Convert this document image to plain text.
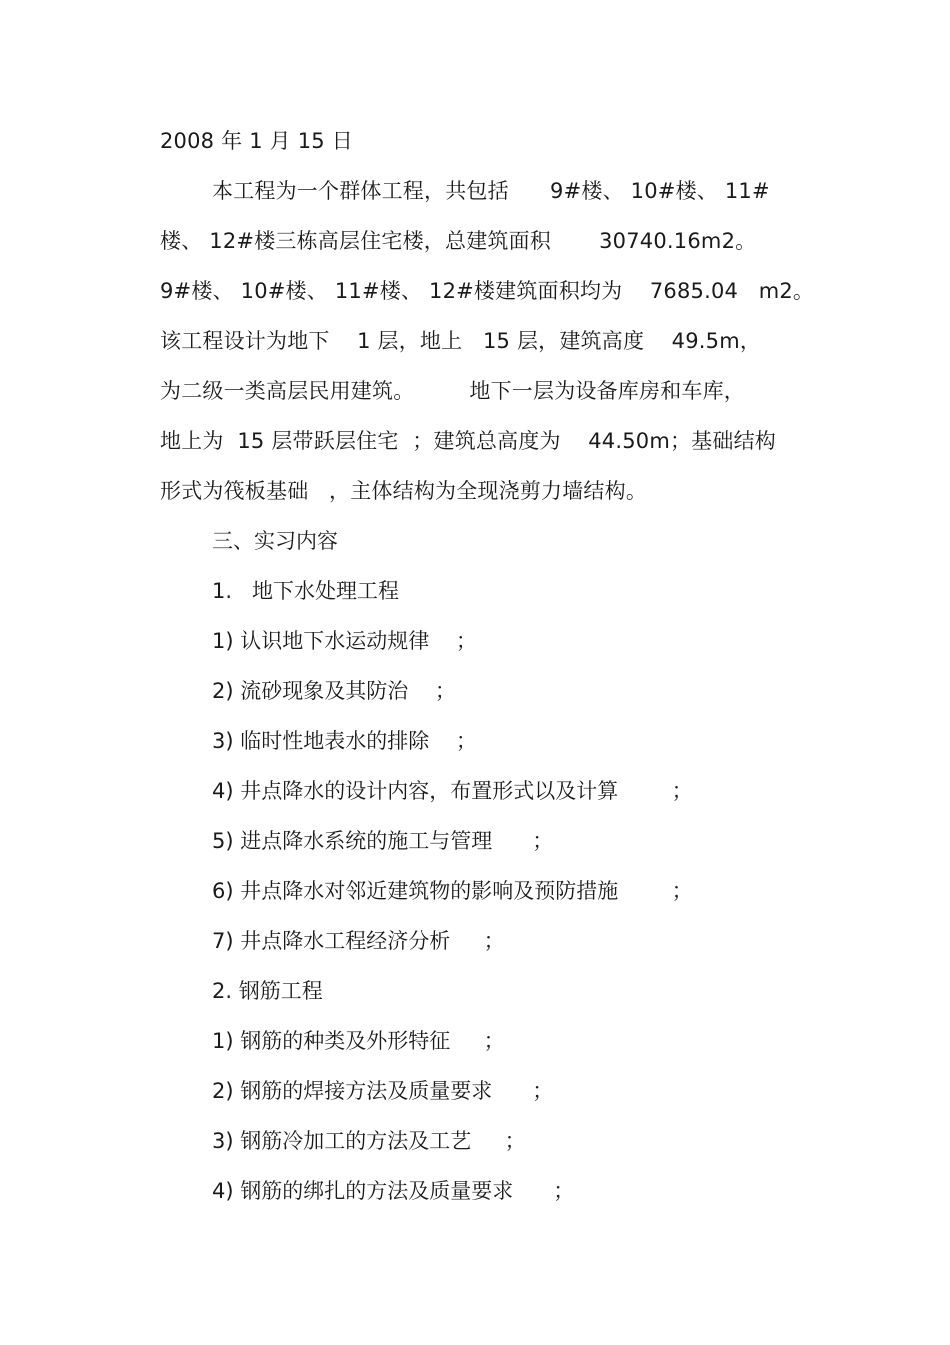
2008 年 1 月 15 日
本工程为一个群体工程，共包括      9#楼、 10#楼、 11#
楼、 12#楼三栋高层住宅楼，总建筑面积       30740.16m2。
9#楼、 10#楼、 11#楼、 12#楼建筑面积均为    7685.04   m2。
该工程设计为地下    1 层，地上   15 层，建筑高度    49.5m，
为二级一类高层民用建筑。        地下一层为设备库房和车库，
地上为  15 层带跃层住宅  ；建筑总高度为    44.50m；基础结构
形式为筏板基础   ，主体结构为全现浇剪力墙结构。
三、实习内容
1.   地下水处理工程
1) 认识地下水运动规律    ；
2) 流砂现象及其防治    ；
3) 临时性地表水的排除    ；
4) 井点降水的设计内容，布置形式以及计算        ；
5) 进点降水系统的施工与管理      ；
6) 井点降水对邻近建筑物的影响及预防措施        ；
7) 井点降水工程经济分析     ；
2. 钢筋工程
1) 钢筋的种类及外形特征     ；
2) 钢筋的焊接方法及质量要求      ；
3) 钢筋冷加工的方法及工艺     ；
4) 钢筋的绑扎的方法及质量要求      ；
